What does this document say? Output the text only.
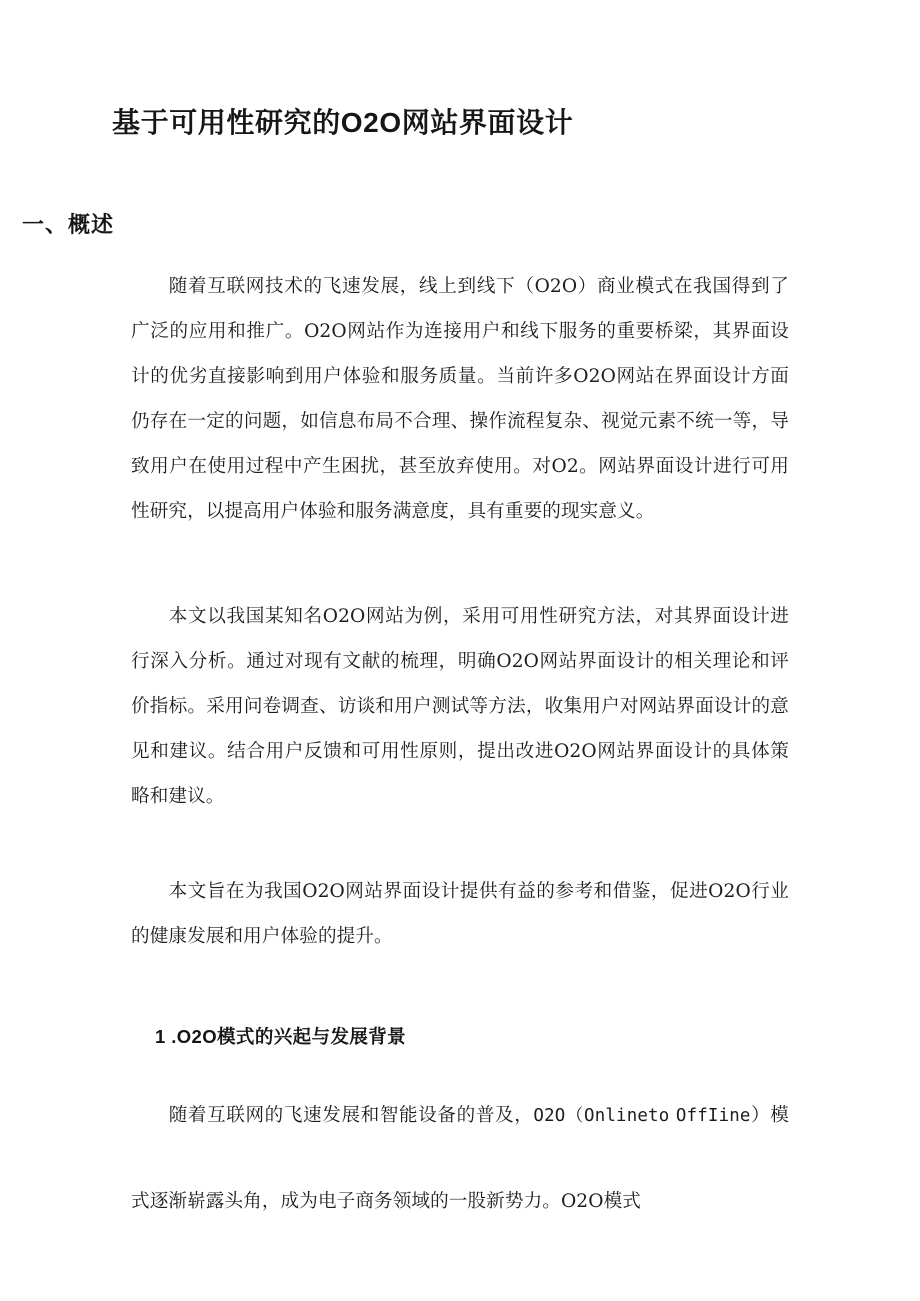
基于可用性研究的O2O网站界面设计
一、概述

随着互联网技术的飞速发展，线上到线下（O2O）商业模式在我国得到了广泛的应用和推广。O2O网站作为连接用户和线下服务的重要桥梁，其界面设计的优劣直接影响到用户体验和服务质量。当前许多O2O网站在界面设计方面仍存在一定的问题，如信息布局不合理、操作流程复杂、视觉元素不统一等，导致用户在使用过程中产生困扰，甚至放弃使用。对O2。网站界面设计进行可用性研究，以提高用户体验和服务满意度，具有重要的现实意义。

本文以我国某知名O2O网站为例，采用可用性研究方法，对其界面设计进行深入分析。通过对现有文献的梳理，明确O2O网站界面设计的相关理论和评价指标。采用问卷调查、访谈和用户测试等方法，收集用户对网站界面设计的意见和建议。结合用户反馈和可用性原则，提出改进O2O网站界面设计的具体策略和建议。

本文旨在为我国O2O网站界面设计提供有益的参考和借鉴，促进O2O行业的健康发展和用户体验的提升。

1 .O2O模式的兴起与发展背景

随着互联网的飞速发展和智能设备的普及，O2O（Onlineto OffIine）模式逐渐崭露头角，成为电子商务领域的一股新势力。O2O模式
